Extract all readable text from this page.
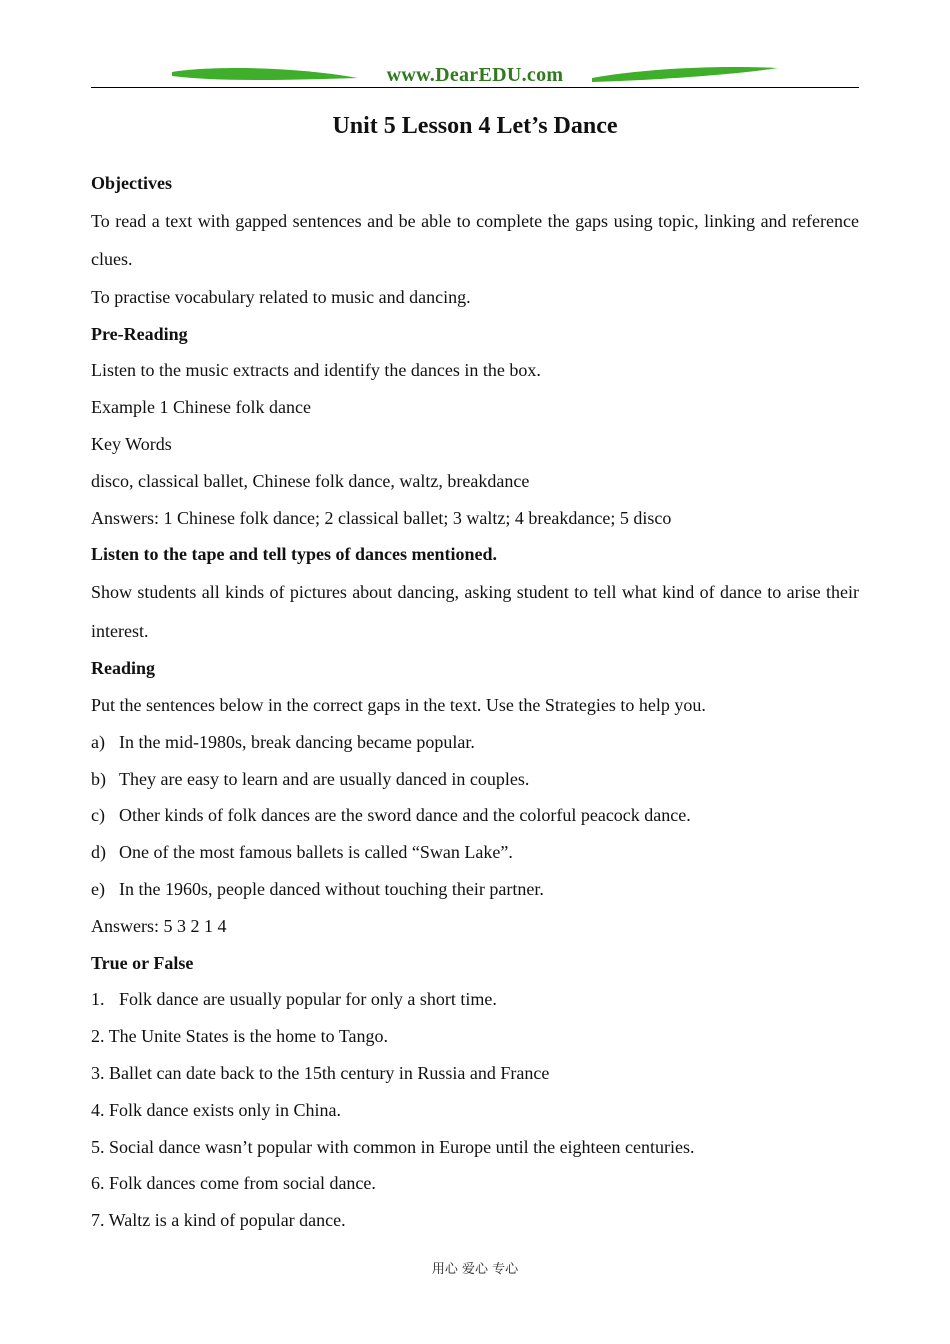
www.DearEDU.com
Unit 5 Lesson 4 Let’s Dance

Objectives

To read a text with gapped sentences and be able to complete the gaps using topic, linking and reference clues.

To practise vocabulary related to music and dancing.

Pre-Reading

Listen to the music extracts and identify the dances in the box.

Example 1 Chinese folk dance

Key Words

disco, classical ballet, Chinese folk dance, waltz, breakdance

Answers: 1 Chinese folk dance; 2 classical ballet; 3 waltz; 4 breakdance; 5 disco

Listen to the tape and tell types of dances mentioned.

Show students all kinds of pictures about dancing, asking student to tell what kind of dance to arise their interest.

Reading

Put the sentences below in the correct gaps in the text. Use the Strategies to help you.

a) In the mid-1980s, break dancing became popular.
b) They are easy to learn and are usually danced in couples.
c) Other kinds of folk dances are the sword dance and the colorful peacock dance.
d) One of the most famous ballets is called “Swan Lake”.
e) In the 1960s, people danced without touching their partner.

Answers: 5 3 2 1 4

True or False

1. Folk dance are usually popular for only a short time.

2. The Unite States is the home to Tango.

3. Ballet can date back to the 15th century in Russia and France

4. Folk dance exists only in China.

5. Social dance wasn’t popular with common in Europe until the eighteen centuries.

6. Folk dances come from social dance.

7. Waltz is a kind of popular dance.

用心 爱心 专心
